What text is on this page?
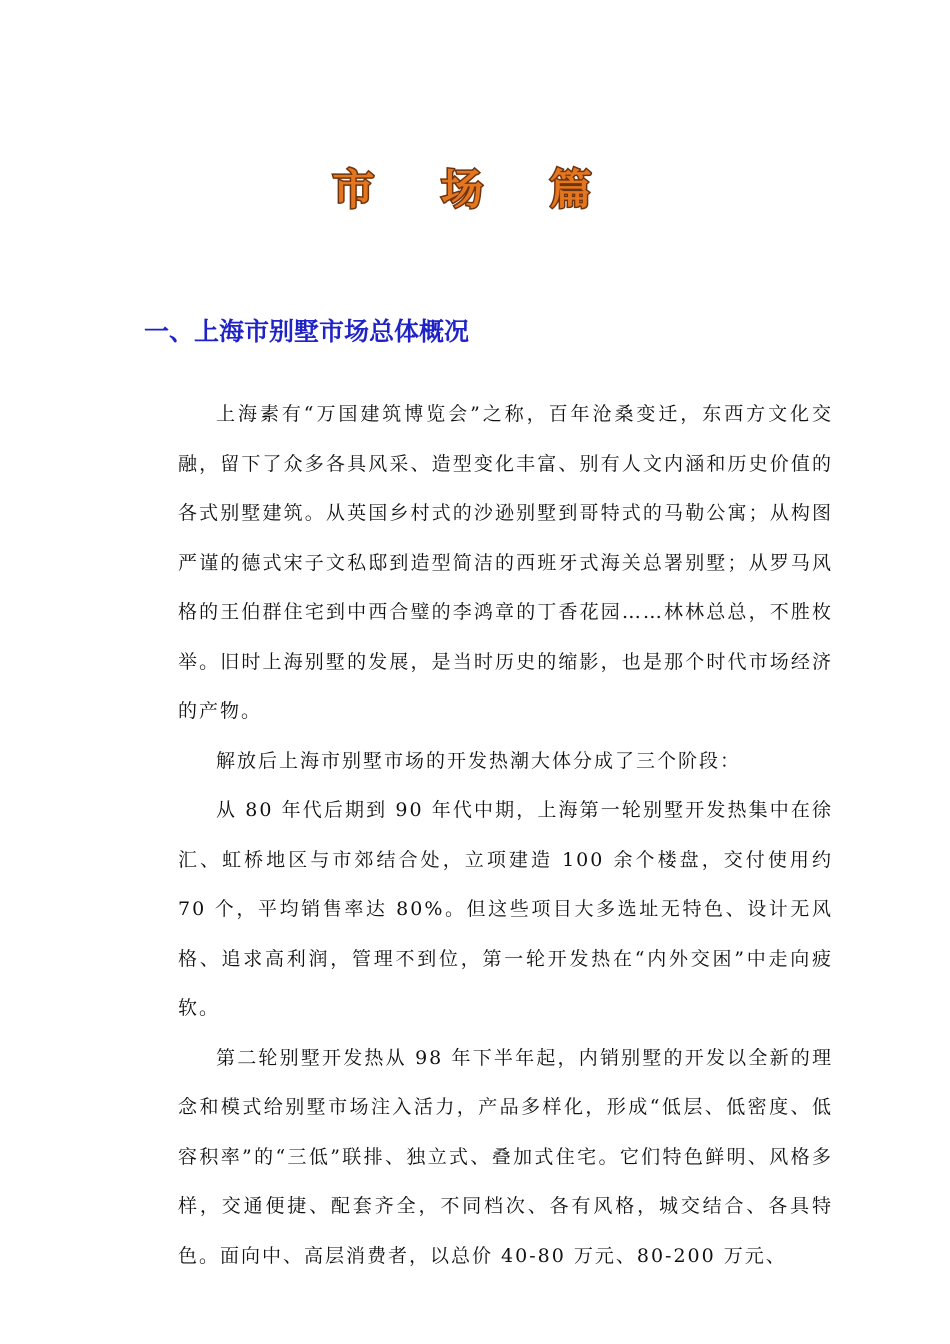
市 场 篇
一、上海市别墅市场总体概况

上海素有“万国建筑博览会”之称，百年沧桑变迁，东西方文化交融，留下了众多各具风采、造型变化丰富、别有人文内涵和历史价值的各式别墅建筑。从英国乡村式的沙逊别墅到哥特式的马勒公寓；从构图严谨的德式宋子文私邸到造型简洁的西班牙式海关总署别墅；从罗马风格的王伯群住宅到中西合璧的李鸿章的丁香花园……林林总总，不胜枚举。旧时上海别墅的发展，是当时历史的缩影，也是那个时代市场经济的产物。

解放后上海市别墅市场的开发热潮大体分成了三个阶段：

从 80 年代后期到 90 年代中期，上海第一轮别墅开发热集中在徐汇、虹桥地区与市郊结合处，立项建造 100 余个楼盘，交付使用约 70 个，平均销售率达 80%。但这些项目大多选址无特色、设计无风格、追求高利润，管理不到位，第一轮开发热在“内外交困”中走向疲软。

第二轮别墅开发热从 98 年下半年起，内销别墅的开发以全新的理念和模式给别墅市场注入活力，产品多样化，形成“低层、低密度、低容积率”的“三低”联排、独立式、叠加式住宅。它们特色鲜明、风格多样，交通便捷、配套齐全，不同档次、各有风格，城交结合、各具特色。面向中、高层消费者，以总价 40-80 万元、80-200 万元、
